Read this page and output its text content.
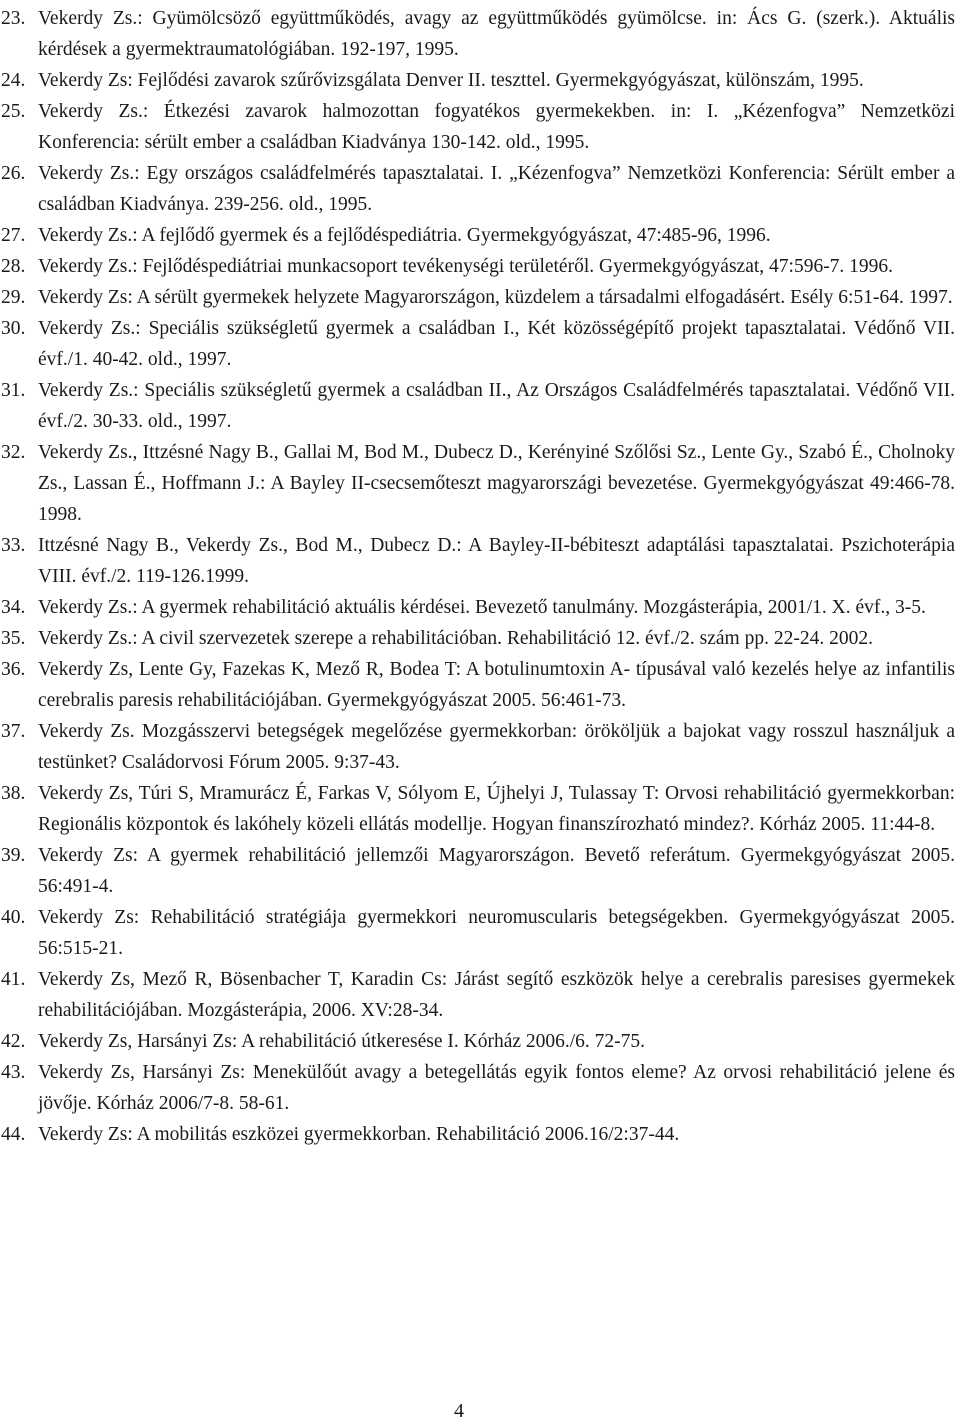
23. Vekerdy Zs.: Gyümölcsöző együttműködés, avagy az együttműködés gyümölcse. in: Ács G. (szerk.). Aktuális kérdések a gyermektraumatológiában. 192-197, 1995.
24. Vekerdy Zs: Fejlődési zavarok szűrővizsgálata Denver II. teszttel. Gyermekgyógyászat, különszám, 1995.
25. Vekerdy Zs.: Étkezési zavarok halmozottan fogyatékos gyermekekben. in: I. „Kézenfogva” Nemzetközi Konferencia: sérült ember a családban Kiadványa 130-142. old., 1995.
26. Vekerdy Zs.: Egy országos családfelmérés tapasztalatai. I. „Kézenfogva” Nemzetközi Konferencia: Sérült ember a családban Kiadványa. 239-256. old., 1995.
27. Vekerdy Zs.: A fejlődő gyermek és a fejlődéspediátria. Gyermekgyógyászat, 47:485-96, 1996.
28. Vekerdy Zs.: Fejlődéspediátriai munkacsoport tevékenységi területéről. Gyermekgyógyászat, 47:596-7. 1996.
29. Vekerdy Zs: A sérült gyermekek helyzete Magyarországon, küzdelem a társadalmi elfogadásért. Esély 6:51-64. 1997.
30. Vekerdy Zs.: Speciális szükségletű gyermek a családban I., Két közösségépítő projekt tapasztalatai. Védőnő VII. évf./1. 40-42. old., 1997.
31. Vekerdy Zs.: Speciális szükségletű gyermek a családban II., Az Országos Családfelmérés tapasztalatai. Védőnő VII. évf./2. 30-33. old., 1997.
32. Vekerdy Zs., Ittzésné Nagy B., Gallai M, Bod M., Dubecz D., Kerényiné Szőlősi Sz., Lente Gy., Szabó É., Cholnoky Zs., Lassan É., Hoffmann J.: A Bayley II-csecsemőteszt magyarországi bevezetése. Gyermekgyógyászat 49:466-78. 1998.
33. Ittzésné Nagy B., Vekerdy Zs., Bod M., Dubecz D.: A Bayley-II-bébiteszt adaptálási tapasztalatai. Pszichoterápia VIII. évf./2. 119-126.1999.
34. Vekerdy Zs.: A gyermek rehabilitáció aktuális kérdései. Bevezető tanulmány. Mozgásterápia, 2001/1. X. évf., 3-5.
35. Vekerdy Zs.: A civil szervezetek szerepe a rehabilitációban. Rehabilitáció 12. évf./2. szám pp. 22-24. 2002.
36. Vekerdy Zs, Lente Gy, Fazekas K, Mező R, Bodea T: A botulinumtoxin A- típusával való kezelés helye az infantilis cerebralis paresis rehabilitációjában. Gyermekgyógyászat 2005. 56:461-73.
37. Vekerdy Zs. Mozgásszervi betegségek megelőzése gyermekkorban: örököljük a bajokat vagy rosszul használjuk a testünket? Családorvosi Fórum 2005. 9:37-43.
38. Vekerdy Zs, Túri S, Mramurácz É, Farkas V, Sólyom E, Újhelyi J, Tulassay T: Orvosi rehabilitáció gyermekkorban: Regionális központok és lakóhely közeli ellátás modellje. Hogyan finanszírozható mindez?. Kórház 2005. 11:44-8.
39. Vekerdy Zs: A gyermek rehabilitáció jellemzői Magyarországon. Bevető referátum. Gyermekgyógyászat 2005. 56:491-4.
40. Vekerdy Zs: Rehabilitáció stratégiája gyermekkori neuromuscularis betegségekben. Gyermekgyógyászat 2005. 56:515-21.
41. Vekerdy Zs, Mező R, Bösenbacher T, Karadin Cs: Járást segítő eszközök helye a cerebralis paresises gyermekek rehabilitációjában. Mozgásterápia, 2006. XV:28-34.
42. Vekerdy Zs, Harsányi Zs: A rehabilitáció útkeresése I. Kórház 2006./6. 72-75.
43. Vekerdy Zs, Harsányi Zs: Menekülőút avagy a betegellátás egyik fontos eleme? Az orvosi rehabilitáció jelene és jövője. Kórház 2006/7-8. 58-61.
44. Vekerdy Zs: A mobilitás eszközei gyermekkorban. Rehabilitáció 2006.16/2:37-44.
4
